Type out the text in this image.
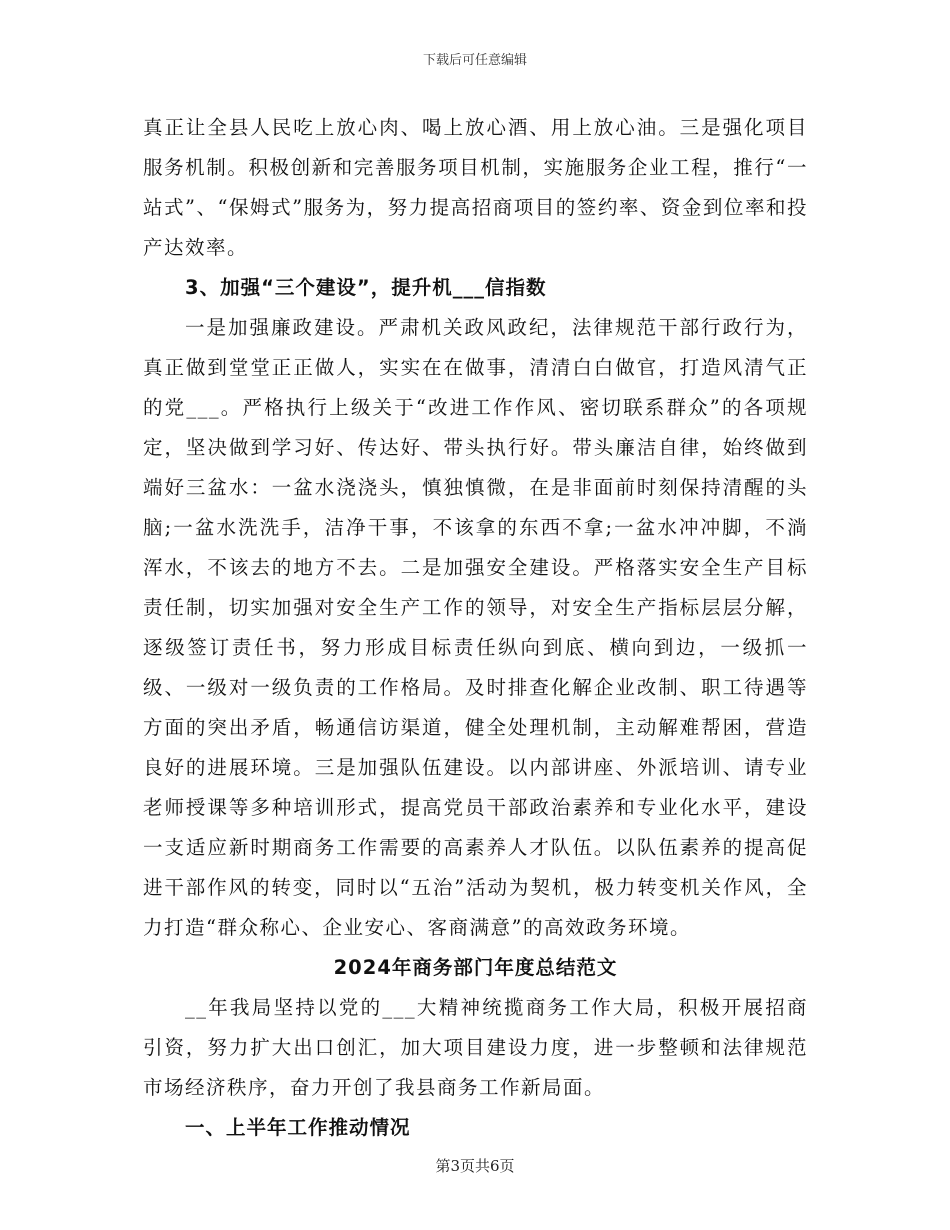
下载后可任意编辑

真正让全县人民吃上放心肉、喝上放心酒、用上放心油。三是强化项目服务机制。积极创新和完善服务项目机制，实施服务企业工程，推行“一站式”、“保姆式”服务为，努力提高招商项目的签约率、资金到位率和投产达效率。

3、加强“三个建设”，提升机___信指数

一是加强廉政建设。严肃机关政风政纪，法律规范干部行政行为，真正做到堂堂正正做人，实实在在做事，清清白白做官，打造风清气正的党___。严格执行上级关于“改进工作作风、密切联系群众”的各项规定，坚决做到学习好、传达好、带头执行好。带头廉洁自律，始终做到端好三盆水：一盆水浇浇头，慎独慎微，在是非面前时刻保持清醒的头脑;一盆水洗洗手，洁净干事，不该拿的东西不拿;一盆水冲冲脚，不淌浑水，不该去的地方不去。二是加强安全建设。严格落实安全生产目标责任制，切实加强对安全生产工作的领导，对安全生产指标层层分解，逐级签订责任书，努力形成目标责任纵向到底、横向到边，一级抓一级、一级对一级负责的工作格局。及时排查化解企业改制、职工待遇等方面的突出矛盾，畅通信访渠道，健全处理机制，主动解难帮困，营造良好的进展环境。三是加强队伍建设。以内部讲座、外派培训、请专业老师授课等多种培训形式，提高党员干部政治素养和专业化水平，建设一支适应新时期商务工作需要的高素养人才队伍。以队伍素养的提高促进干部作风的转变，同时以“五治”活动为契机，极力转变机关作风，全力打造“群众称心、企业安心、客商满意”的高效政务环境。

2024年商务部门年度总结范文

__年我局坚持以党的___大精神统揽商务工作大局，积极开展招商引资，努力扩大出口创汇，加大项目建设力度，进一步整顿和法律规范市场经济秩序，奋力开创了我县商务工作新局面。

一、上半年工作推动情况

第3页共6页
